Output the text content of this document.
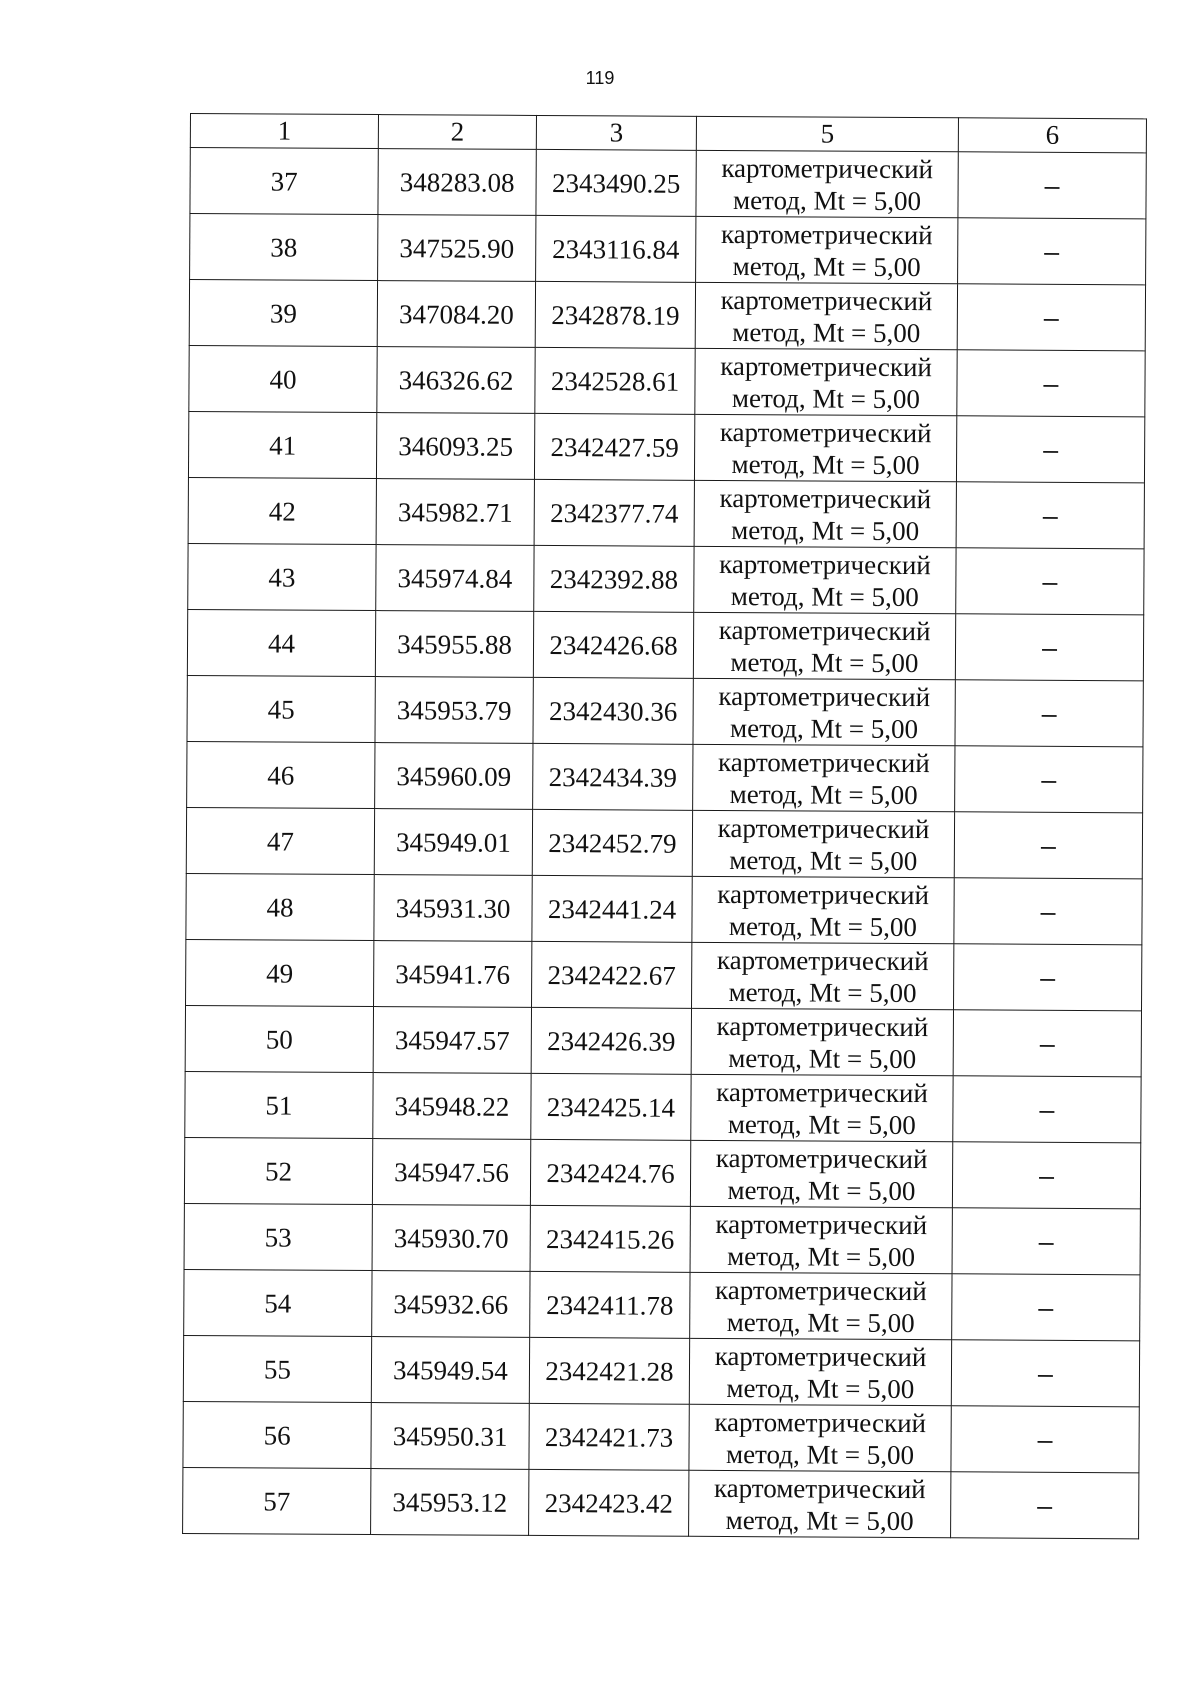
119
1	2	3	5	6
37	348283.08	2343490.25	картометрический
метод, Mt = 5,00	–
38	347525.90	2343116.84	картометрический
метод, Mt = 5,00	–
39	347084.20	2342878.19	картометрический
метод, Mt = 5,00	–
40	346326.62	2342528.61	картометрический
метод, Mt = 5,00	–
41	346093.25	2342427.59	картометрический
метод, Mt = 5,00	–
42	345982.71	2342377.74	картометрический
метод, Mt = 5,00	–
43	345974.84	2342392.88	картометрический
метод, Mt = 5,00	–
44	345955.88	2342426.68	картометрический
метод, Mt = 5,00	–
45	345953.79	2342430.36	картометрический
метод, Mt = 5,00	–
46	345960.09	2342434.39	картометрический
метод, Mt = 5,00	–
47	345949.01	2342452.79	картометрический
метод, Mt = 5,00	–
48	345931.30	2342441.24	картометрический
метод, Mt = 5,00	–
49	345941.76	2342422.67	картометрический
метод, Mt = 5,00	–
50	345947.57	2342426.39	картометрический
метод, Mt = 5,00	–
51	345948.22	2342425.14	картометрический
метод, Mt = 5,00	–
52	345947.56	2342424.76	картометрический
метод, Mt = 5,00	–
53	345930.70	2342415.26	картометрический
метод, Mt = 5,00	–
54	345932.66	2342411.78	картометрический
метод, Mt = 5,00	–
55	345949.54	2342421.28	картометрический
метод, Mt = 5,00	–
56	345950.31	2342421.73	картометрический
метод, Mt = 5,00	–
57	345953.12	2342423.42	картометрический
метод, Mt = 5,00	–
